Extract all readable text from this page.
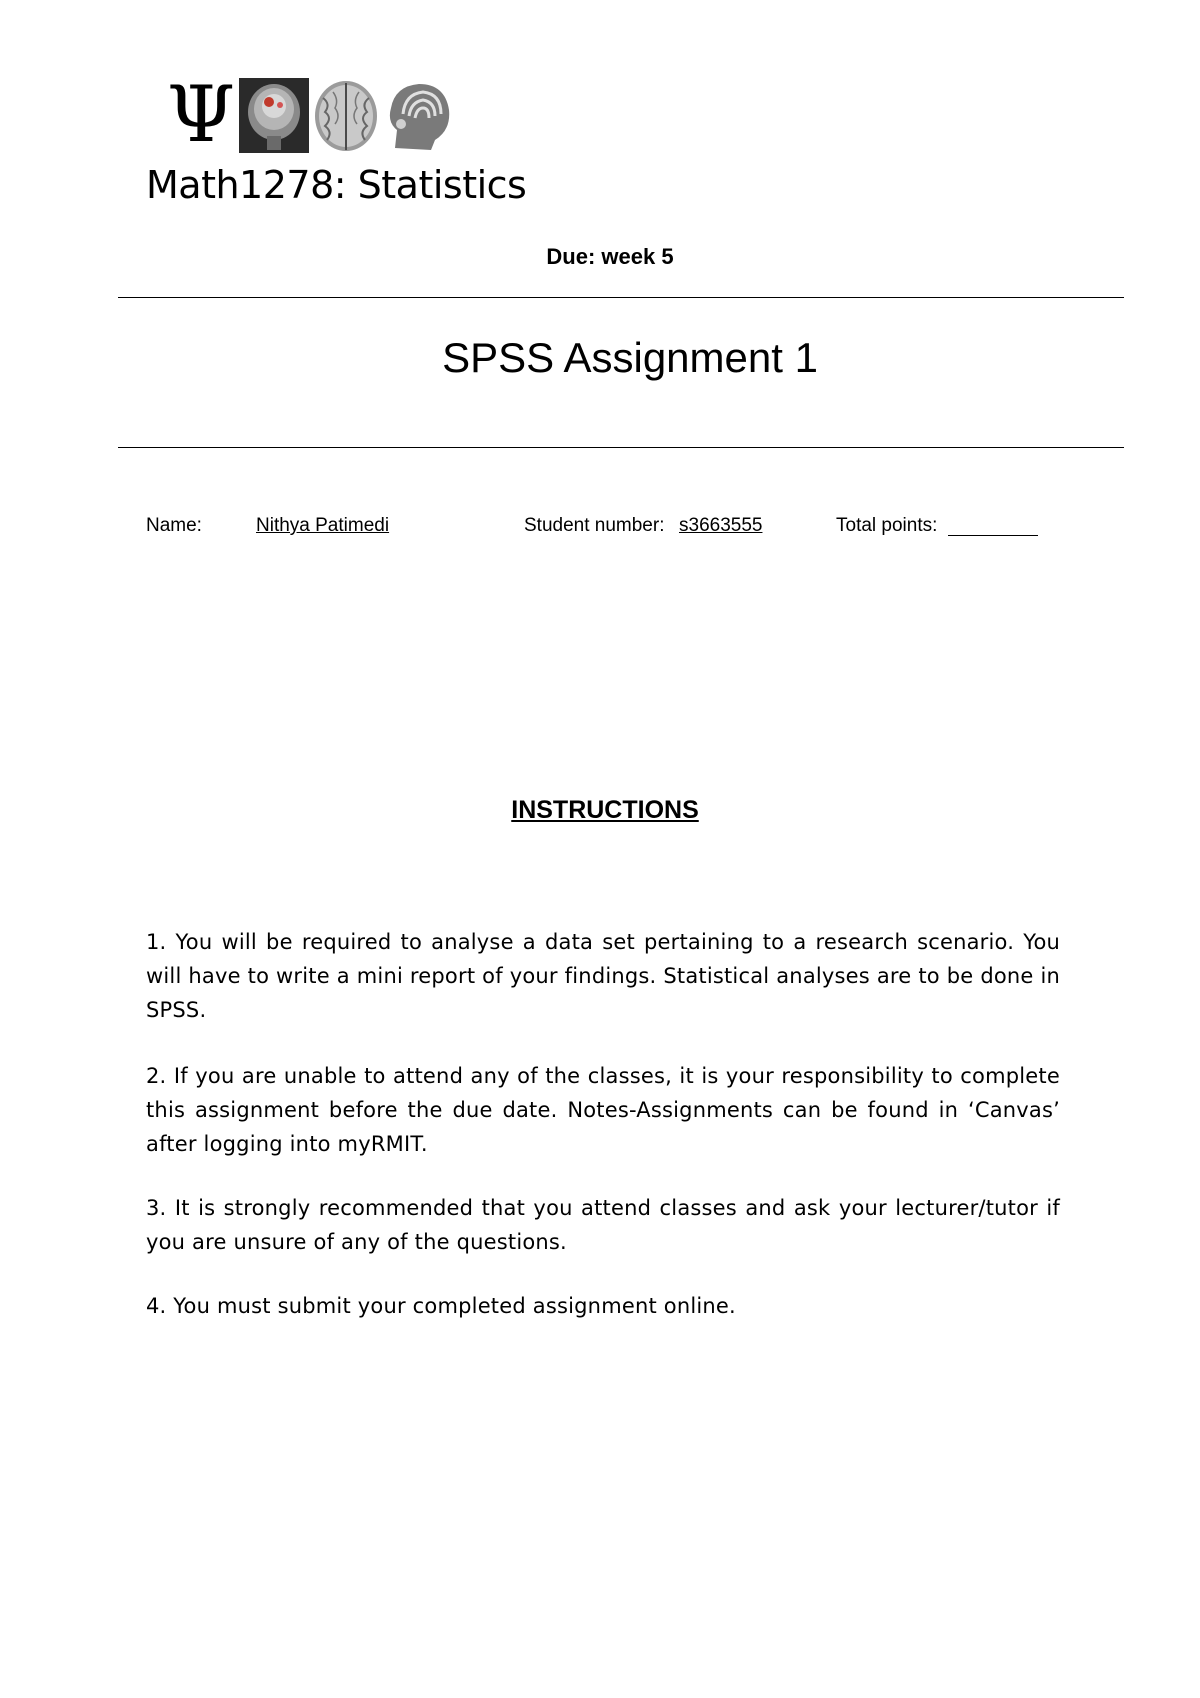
Ψ
Math1278: Statistics
Due: week 5
SPSS Assignment 1
Name:	Nithya Patimedi	Student number: s3663555	Total points:
INSTRUCTIONS

1. You will be required to analyse a data set pertaining to a research scenario. You will have to write a mini report of your findings. Statistical analyses are to be done in SPSS.

2. If you are unable to attend any of the classes, it is your responsibility to complete this assignment before the due date. Notes-Assignments can be found in ‘Canvas’ after logging into myRMIT.

3. It is strongly recommended that you attend classes and ask your lecturer/tutor if you are unsure of any of the questions.

4. You must submit your completed assignment online.
